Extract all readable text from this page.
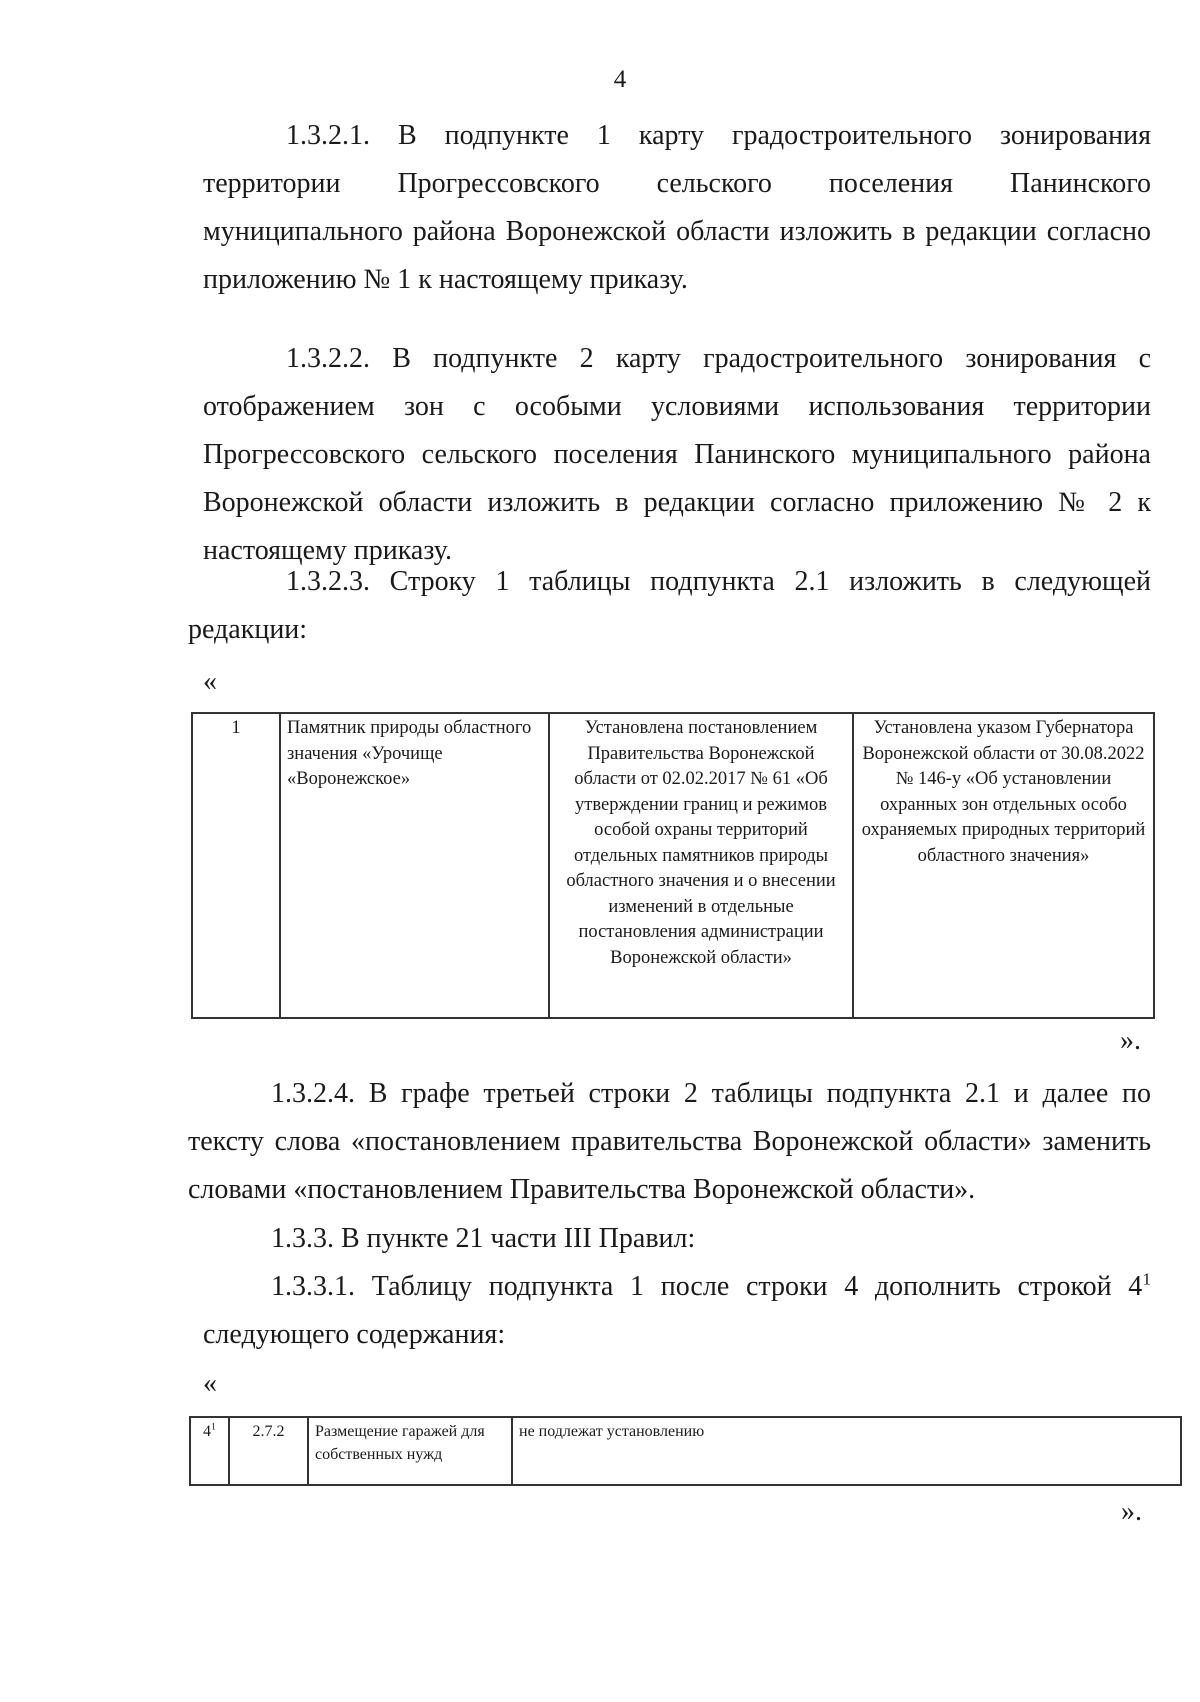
4
1.3.2.1. В подпункте 1 карту градостроительного зонирования территории Прогрессовского сельского поселения Панинского муниципального района Воронежской области изложить в редакции согласно приложению № 1 к настоящему приказу.
1.3.2.2. В подпункте 2 карту градостроительного зонирования с отображением зон с особыми условиями использования территории Прогрессовского сельского поселения Панинского муниципального района Воронежской области изложить в редакции согласно приложению № 2 к настоящему приказу.
1.3.2.3. Строку 1 таблицы подпункта 2.1 изложить в следующей редакции:
«
1	Памятник природы областного значения «Урочище «Воронежское»	Установлена постановлением Правительства Воронежской области от 02.02.2017 № 61 «Об утверждении границ и режимов особой охраны территорий отдельных памятников природы областного значения и о внесении изменений в отдельные постановления администрации Воронежской области»	Установлена указом Губернатора Воронежской области от 30.08.2022 № 146-у «Об установлении охранных зон отдельных особо охраняемых природных территорий областного значения»
».
1.3.2.4. В графе третьей строки 2 таблицы подпункта 2.1 и далее по тексту слова «постановлением правительства Воронежской области» заменить словами «постановлением Правительства Воронежской области».
1.3.3. В пункте 21 части III Правил:
1.3.3.1. Таблицу подпункта 1 после строки 4 дополнить строкой $4^1$ следующего содержания:
«
$4^1$	2.7.2	Размещение гаражей для собственных нужд	не подлежат установлению
».
